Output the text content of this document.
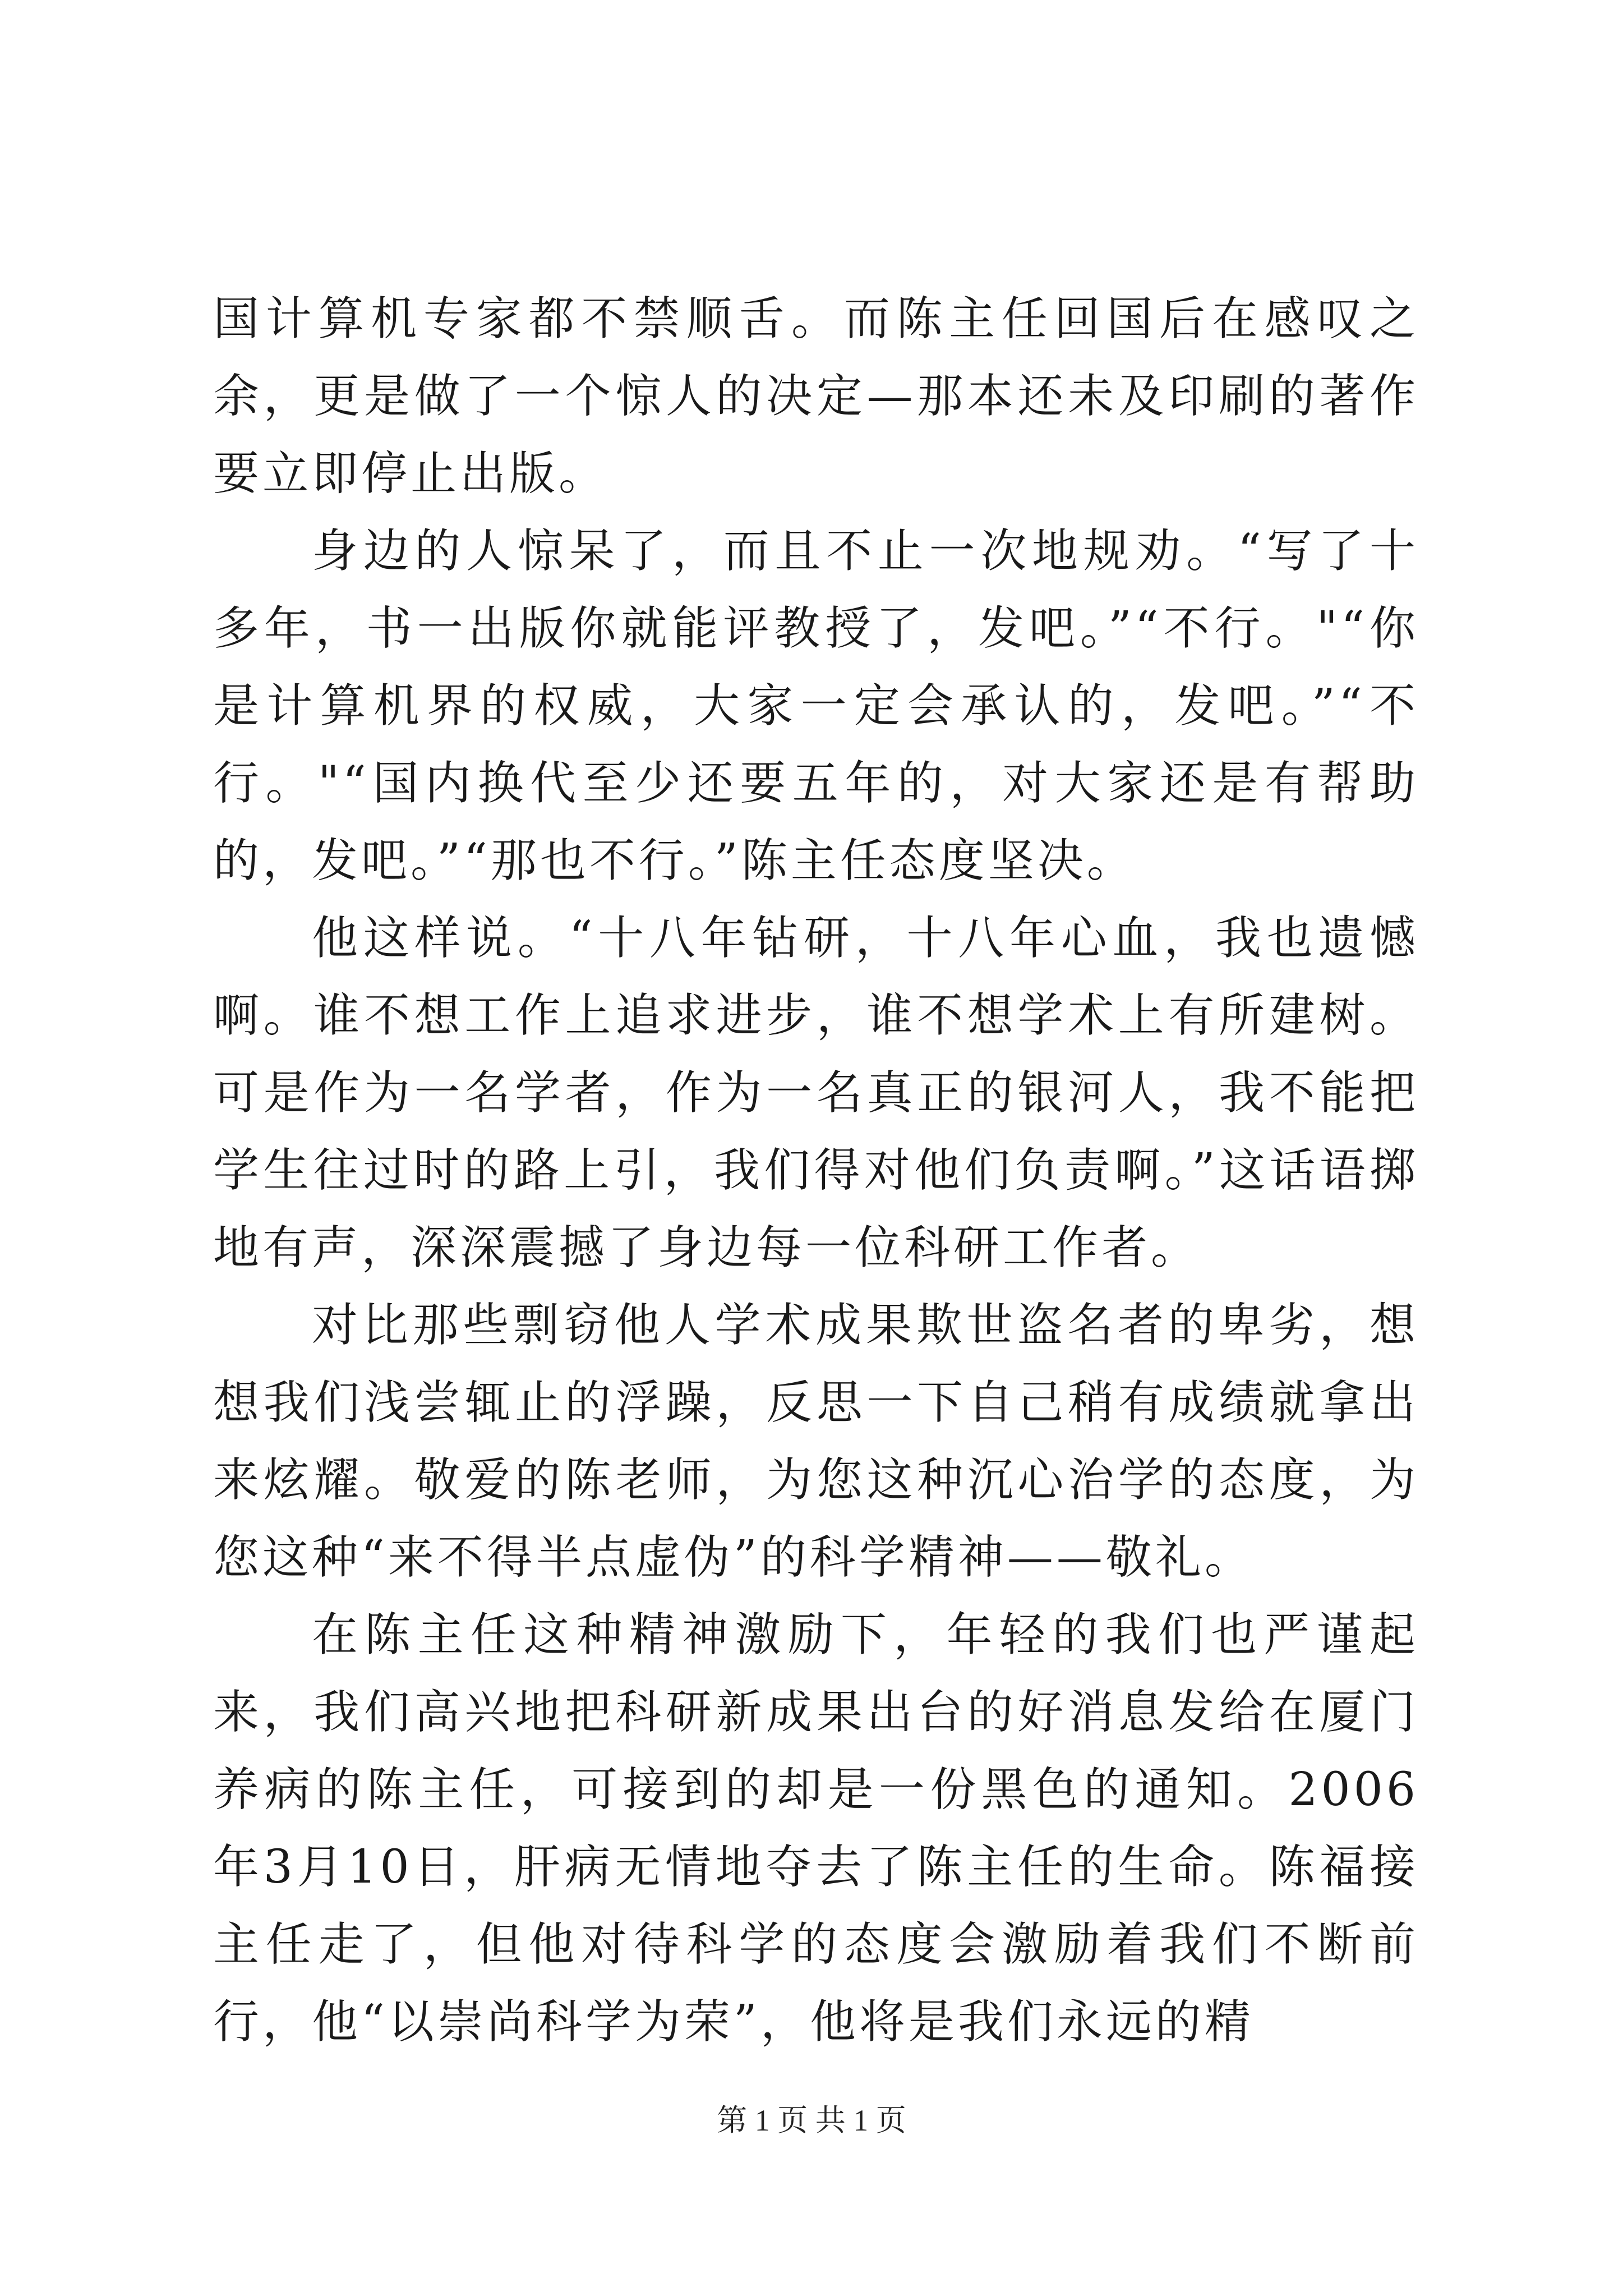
国计算机专家都不禁顺舌。而陈主任回国后在感叹之余，更是做了一个惊人的决定—那本还未及印刷的著作要立即停止出版。

身边的人惊呆了，而且不止一次地规劝。“写了十多年，书一出版你就能评教授了，发吧。”“不行。"“你是计算机界的权威，大家一定会承认的，发吧。”“不行。"“国内换代至少还要五年的，对大家还是有帮助的，发吧。”“那也不行。”陈主任态度坚决。

他这样说。“十八年钻研，十八年心血，我也遗憾啊。谁不想工作上追求进步，谁不想学术上有所建树。可是作为一名学者，作为一名真正的银河人，我不能把学生往过时的路上引，我们得对他们负责啊。”这话语掷地有声，深深震撼了身边每一位科研工作者。

对比那些剽窃他人学术成果欺世盗名者的卑劣，想想我们浅尝辄止的浮躁，反思一下自己稍有成绩就拿出来炫耀。敬爱的陈老师，为您这种沉心治学的态度，为您这种“来不得半点虚伪”的科学精神——敬礼。

在陈主任这种精神激励下，年轻的我们也严谨起来，我们高兴地把科研新成果出台的好消息发给在厦门养病的陈主任，可接到的却是一份黑色的通知。2006年3月10日，肝病无情地夺去了陈主任的生命。陈福接主任走了，但他对待科学的态度会激励着我们不断前行，他“以崇尚科学为荣”，他将是我们永远的精

第 1 页 共 1 页
